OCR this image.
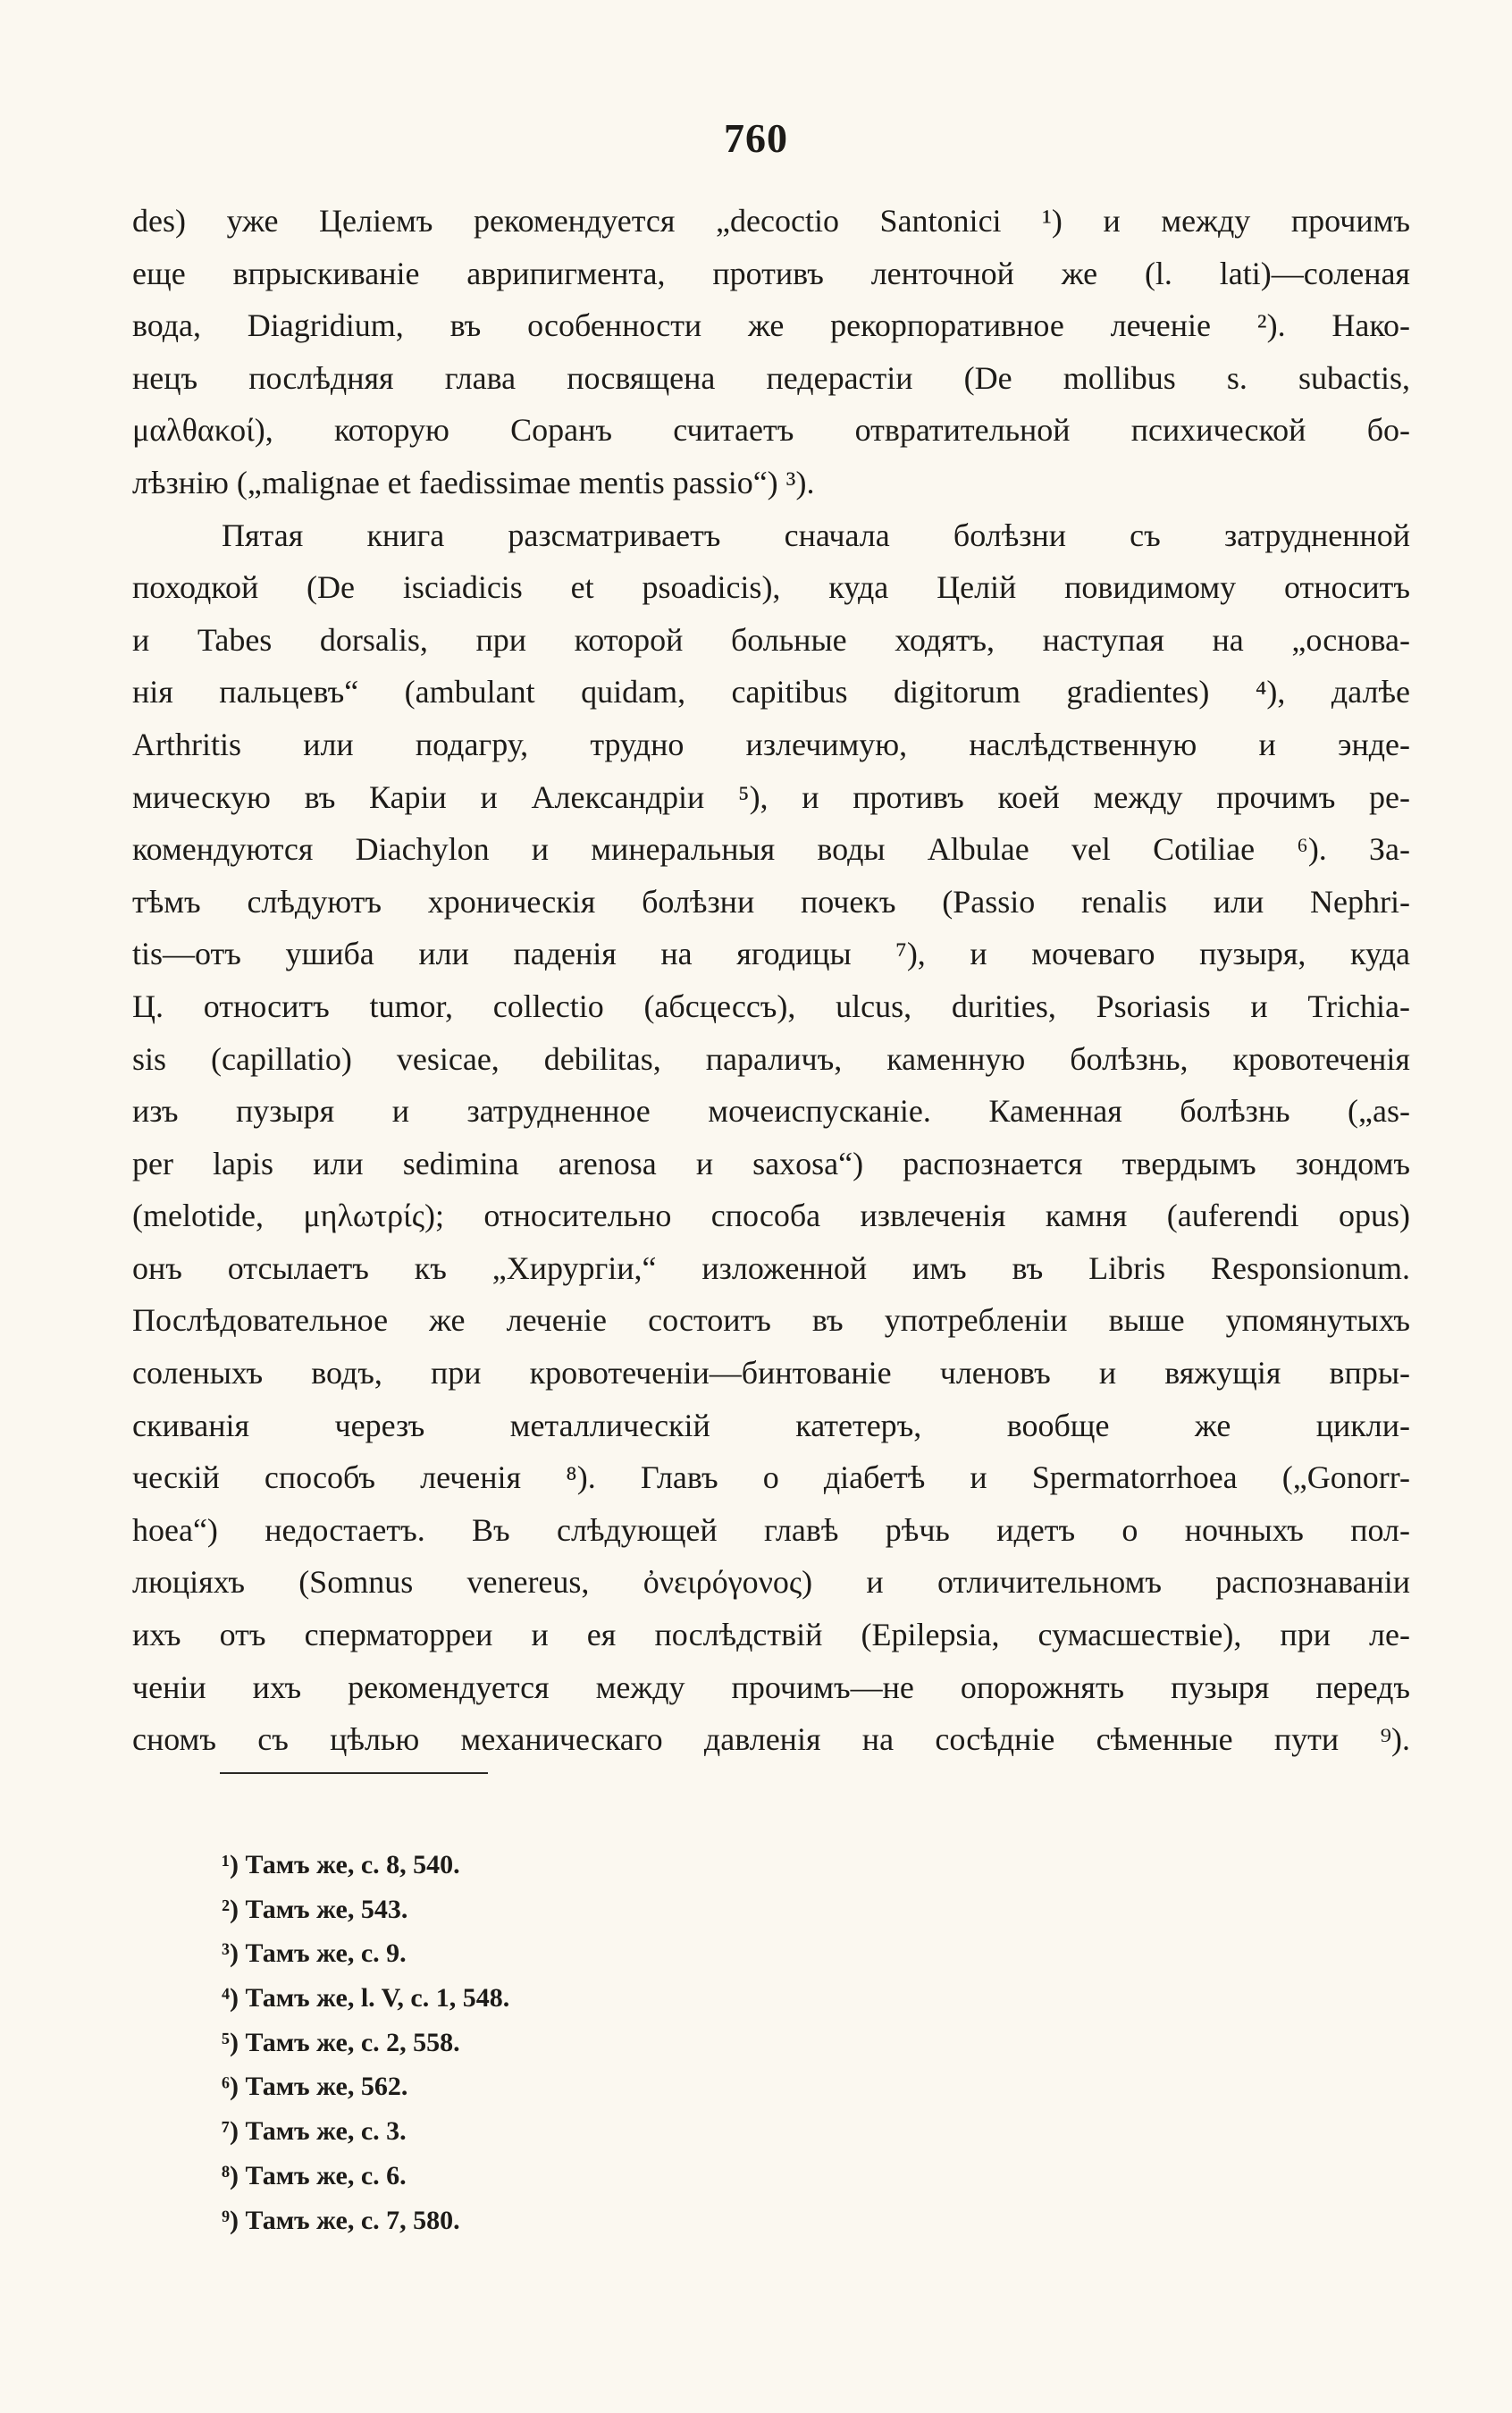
760
des) уже Целіемъ рекомендуется „decoctio Santonici ¹) и между прочимъ
еще впрыскиванie аврипигмента, противъ ленточной же (l. lati)—соленая
вода, Diagridium, въ особенности же рекорпоративное леченіе ²). Нако-
нецъ послѣдняя глава посвящена педерастіи (De mollibus s. subactis,
μαλθακοί), которую Соранъ считаетъ отвратительной психической бо-
лѣзнію („malignae et faedissimae mentis passio“) ³).
Пятая книга разсматриваетъ сначала болѣзни съ затрудненной
походкой (De isciadicis et psoadicis), куда Целій повидимому относитъ
и Tabes dorsalis, при которой больные ходятъ, наступая на „основа-
нія пальцевъ“ (ambulant quidam, capitibus digitorum gradientes) ⁴), далѣе
Arthritis или подагру, трудно излечимую, наслѣдственную и энде-
мическую въ Каріи и Александріи ⁵), и противъ коей между прочимъ ре-
комендуются Diachylon и минеральныя воды Albulae vel Cotiliae ⁶). За-
тѣмъ слѣдуютъ хроническія болѣзни почекъ (Passio renalis или Nephri-
tis—отъ ушиба или паденія на ягодицы ⁷), и мочеваго пузыря, куда
Ц. относитъ tumor, collectio (абсцессъ), ulcus, durities, Psoriasis и Trichia-
sis (capillatio) vesicae, debilitas, параличъ, каменную болѣзнь, кровотеченія
изъ пузыря и затрудненное мочеиспусканіе. Каменная болѣзнь („as-
per lapis или sedimina arenosa и saxosa“) распознается твердымъ зондомъ
(melotide, μηλωτρίς); относительно способа извлеченія камня (auferendi opus)
онъ отсылаетъ къ „Хирургіи,“ изложенной имъ въ Libris Responsionum.
Послѣдовательное же леченіе состоитъ въ употребленіи выше упомянутыхъ
соленыхъ водъ, при кровотеченіи—бинтованіе членовъ и вяжущія впры-
скиванія черезъ металлическій катетеръ, вообще же цикли-
ческій способъ леченія ⁸). Главъ о діабетѣ и Spermatorrhoea („Gonorr-
hoea“) недостаетъ. Въ слѣдующей главѣ рѣчь идетъ о ночныхъ пол-
люціяхъ (Somnus venereus, ὀνειρόγονος) и отличительномъ распознаваніи
ихъ отъ сперматорреи и ея послѣдствій (Epilepsia, сумасшествіе), при ле-
ченіи ихъ рекомендуется между прочимъ—не опорожнять пузыря передъ
сномъ съ цѣлью механическаго давленія на сосѣдніе сѣменные пути ⁹).
¹) Тамъ же, с. 8, 540.
²) Тамъ же, 543.
³) Тамъ же, с. 9.
⁴) Тамъ же, l. V, с. 1, 548.
⁵) Тамъ же, с. 2, 558.
⁶) Тамъ же, 562.
⁷) Тамъ же, с. 3.
⁸) Тамъ же, с. 6.
⁹) Тамъ же, с. 7, 580.
